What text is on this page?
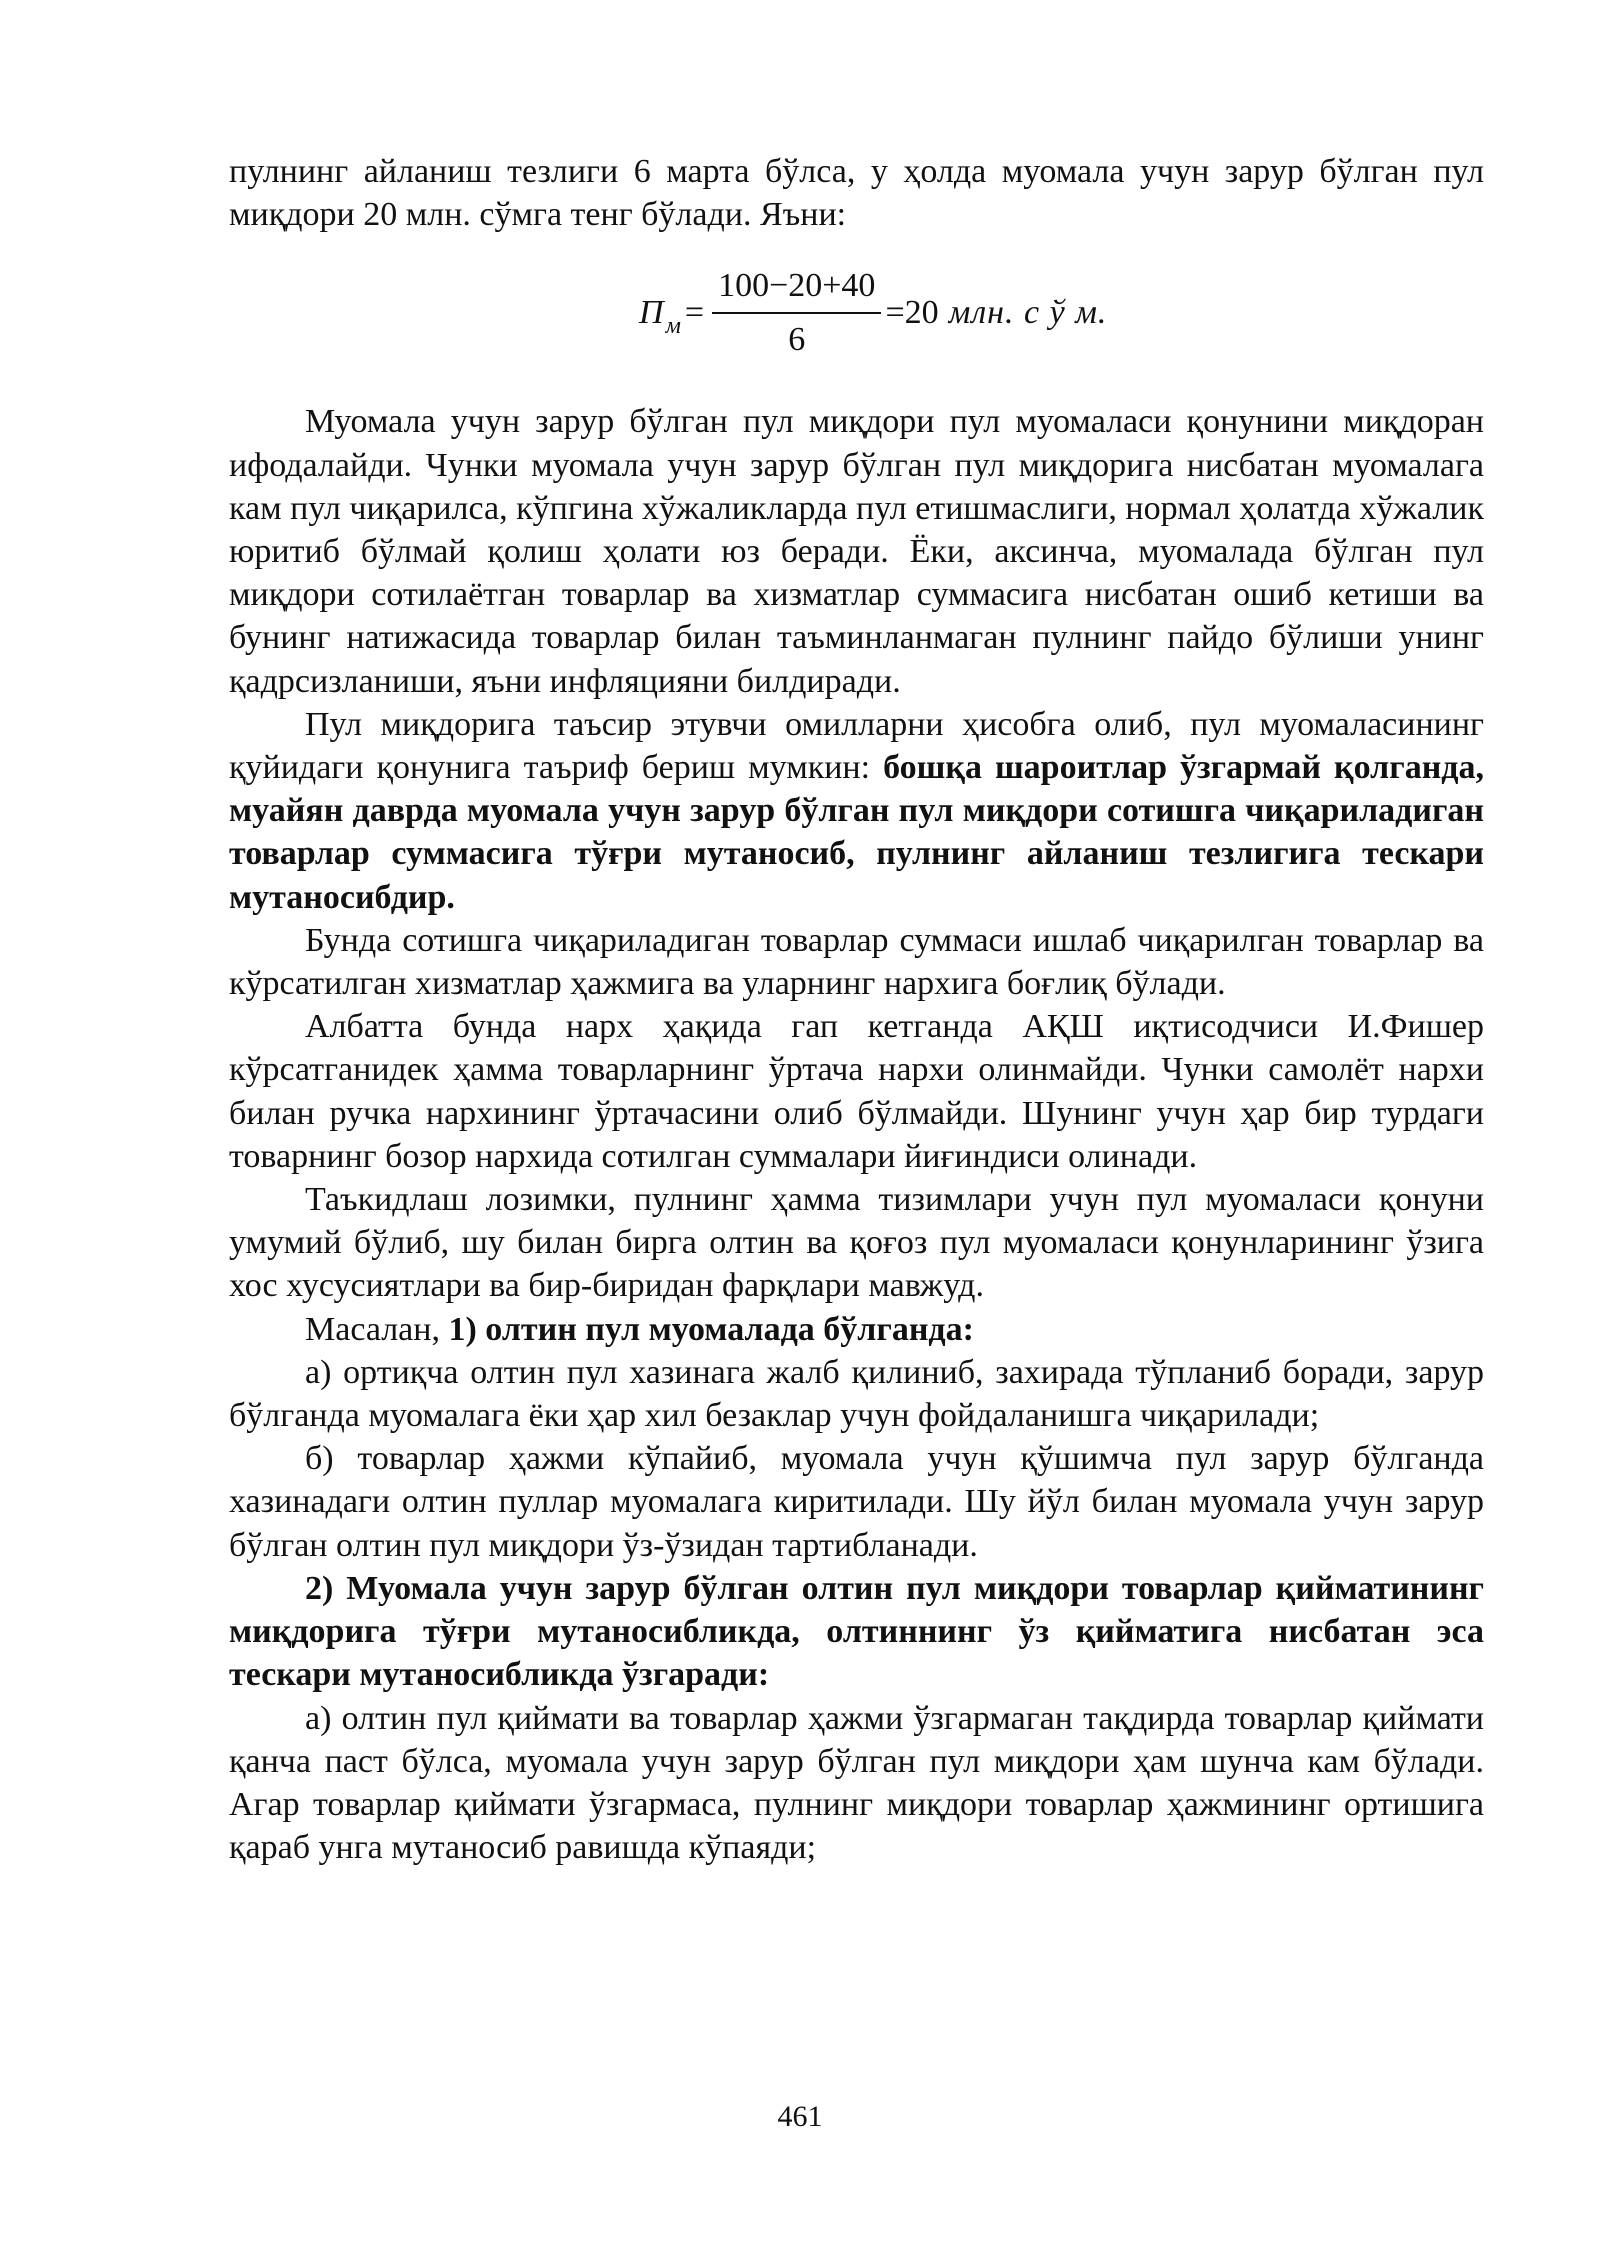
пулнинг айланиш тезлиги 6 марта бўлса, у ҳолда муомала учун зарур бўлган пул миқдори 20 млн. сўмга тенг бўлади. Яъни:

П $м = \frac{100-20+40}{6} =20$ млн. с ў м.

Муомала учун зарур бўлган пул миқдори пул муомаласи қонунини миқдоран ифодалайди. Чунки муомала учун зарур бўлган пул миқдорига нисбатан муомалага кам пул чиқарилса, кўпгина хўжаликларда пул етишмаслиги, нормал ҳолатда хўжалик юритиб бўлмай қолиш ҳолати юз беради. Ёки, аксинча, муомалада бўлган пул миқдори сотилаётган товарлар ва хизматлар суммасига нисбатан ошиб кетиши ва бунинг натижасида товарлар билан таъминланмаган пулнинг пайдо бўлиши унинг қадрсизланиши, яъни инфляцияни билдиради.

Пул миқдорига таъсир этувчи омилларни ҳисобга олиб, пул муомаласининг қуйидаги қонунига таъриф бериш мумкин: бошқа шароитлар ўзгармай қолганда, муайян даврда муомала учун зарур бўлган пул миқдори сотишга чиқариладиган товарлар суммасига тўғри мутаносиб, пулнинг айланиш тезлигига тескари мутаносибдир.

Бунда сотишга чиқариладиган товарлар суммаси ишлаб чиқарилган товарлар ва кўрсатилган хизматлар ҳажмига ва уларнинг нархига боғлиқ бўлади.

Албатта бунда нарх ҳақида гап кетганда АҚШ иқтисодчиси И.Фишер кўрсатганидек ҳамма товарларнинг ўртача нархи олинмайди. Чунки самолёт нархи билан ручка нархининг ўртачасини олиб бўлмайди. Шунинг учун ҳар бир турдаги товарнинг бозор нархида сотилган суммалари йиғиндиси олинади.

Таъкидлаш лозимки, пулнинг ҳамма тизимлари учун пул муомаласи қонуни умумий бўлиб, шу билан бирга олтин ва қоғоз пул муомаласи қонунларининг ўзига хос хусусиятлари ва бир-биридан фарқлари мавжуд.

Масалан, 1) олтин пул муомалада бўлганда:

а) ортиқча олтин пул хазинага жалб қилиниб, захирада тўпланиб боради, зарур бўлганда муомалага ёки ҳар хил безаклар учун фойдаланишга чиқарилади;

б) товарлар ҳажми кўпайиб, муомала учун қўшимча пул зарур бўлганда хазинадаги олтин пуллар муомалага киритилади. Шу йўл билан муомала учун зарур бўлган олтин пул миқдори ўз-ўзидан тартибланади.

2) Муомала учун зарур бўлган олтин пул миқдори товарлар қийматининг миқдорига тўғри мутаносибликда, олтиннинг ўз қийматига нисбатан эса тескари мутаносибликда ўзгаради:

а) олтин пул қиймати ва товарлар ҳажми ўзгармаган тақдирда товарлар қиймати қанча паст бўлса, муомала учун зарур бўлган пул миқдори ҳам шунча кам бўлади. Агар товарлар қиймати ўзгармаса, пулнинг миқдори товарлар ҳажмининг ортишига қараб унга мутаносиб равишда кўпаяди;

461
